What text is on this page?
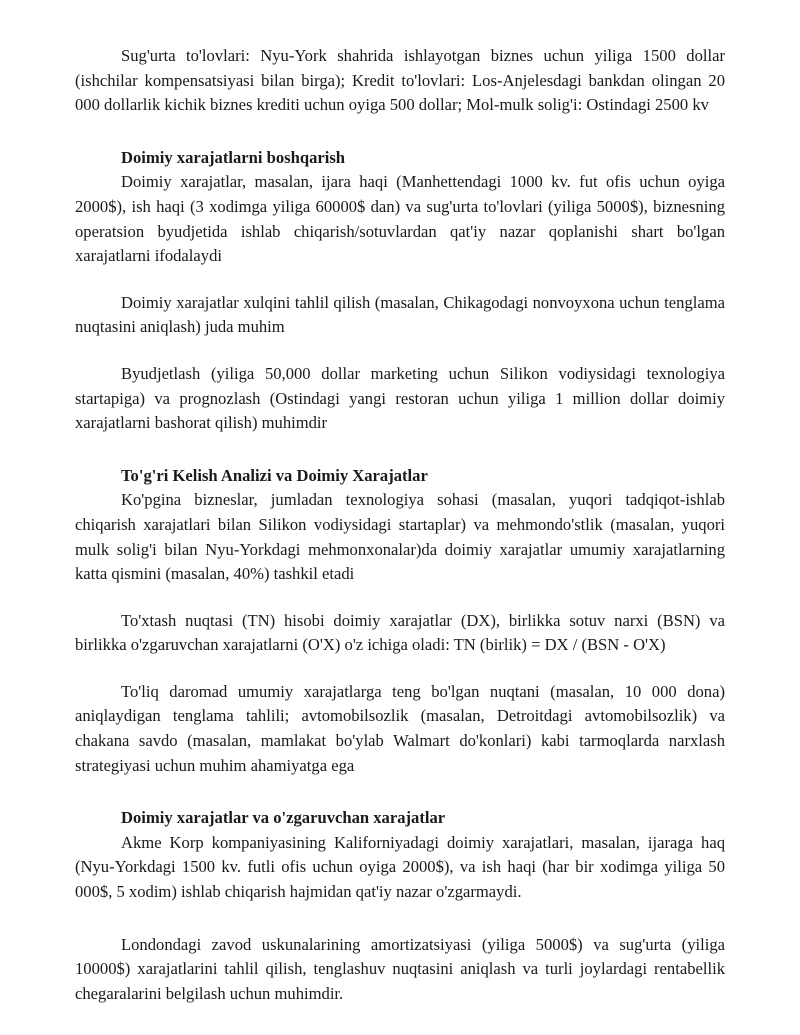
Sug'urta to'lovlari: Nyu-York shahrida ishlayotgan biznes uchun yiliga 1500 dollar (ishchilar kompensatsiyasi bilan birga); Kredit to'lovlari: Los-Anjelesdagi bankdan olingan 20 000 dollarlik kichik biznes krediti uchun oyiga 500 dollar; Mol-mulk solig'i: Ostindagi 2500 kv

Doimiy xarajatlarni boshqarish

Doimiy xarajatlar, masalan, ijara haqi (Manhettendagi 1000 kv. fut ofis uchun oyiga 2000$), ish haqi (3 xodimga yiliga 60000$ dan) va sug'urta to'lovlari (yiliga 5000$), biznesning operatsion byudjetida ishlab chiqarish/sotuvlardan qat'iy nazar qoplanishi shart bo'lgan xarajatlarni ifodalaydi

Doimiy xarajatlar xulqini tahlil qilish (masalan, Chikagodagi nonvoyxona uchun tenglama nuqtasini aniqlash) juda muhim

Byudjetlash (yiliga 50,000 dollar marketing uchun Silikon vodiysidagi texnologiya startapiga) va prognozlash (Ostindagi yangi restoran uchun yiliga 1 million dollar doimiy xarajatlarni bashorat qilish) muhimdir

To'g'ri Kelish Analizi va Doimiy Xarajatlar

Ko'pgina bizneslar, jumladan texnologiya sohasi (masalan, yuqori tadqiqot-ishlab chiqarish xarajatlari bilan Silikon vodiysidagi startaplar) va mehmondo'stlik (masalan, yuqori mulk solig'i bilan Nyu-Yorkdagi mehmonxonalar)da doimiy xarajatlar umumiy xarajatlarning katta qismini (masalan, 40%) tashkil etadi

To'xtash nuqtasi (TN) hisobi doimiy xarajatlar (DX), birlikka sotuv narxi (BSN) va birlikka o'zgaruvchan xarajatlarni (O'X) o'z ichiga oladi: TN (birlik) = DX / (BSN - O'X)

To'liq daromad umumiy xarajatlarga teng bo'lgan nuqtani (masalan, 10 000 dona) aniqlaydigan tenglama tahlili; avtomobilsozlik (masalan, Detroitdagi avtomobilsozlik) va chakana savdo (masalan, mamlakat bo'ylab Walmart do'konlari) kabi tarmoqlarda narxlash strategiyasi uchun muhim ahamiyatga ega

Doimiy xarajatlar va o'zgaruvchan xarajatlar

Akme Korp kompaniyasining Kaliforniyadagi doimiy xarajatlari, masalan, ijaraga haq (Nyu-Yorkdagi 1500 kv. futli ofis uchun oyiga 2000$), va ish haqi (har bir xodimga yiliga 50 000$, 5 xodim) ishlab chiqarish hajmidan qat'iy nazar o'zgarmaydi.

Londondagi zavod uskunalarining amortizatsiyasi (yiliga 5000$) va sug'urta (yiliga 10000$) xarajatlarini tahlil qilish, tenglashuv nuqtasini aniqlash va turli joylardagi rentabellik chegaralarini belgilash uchun muhimdir.
